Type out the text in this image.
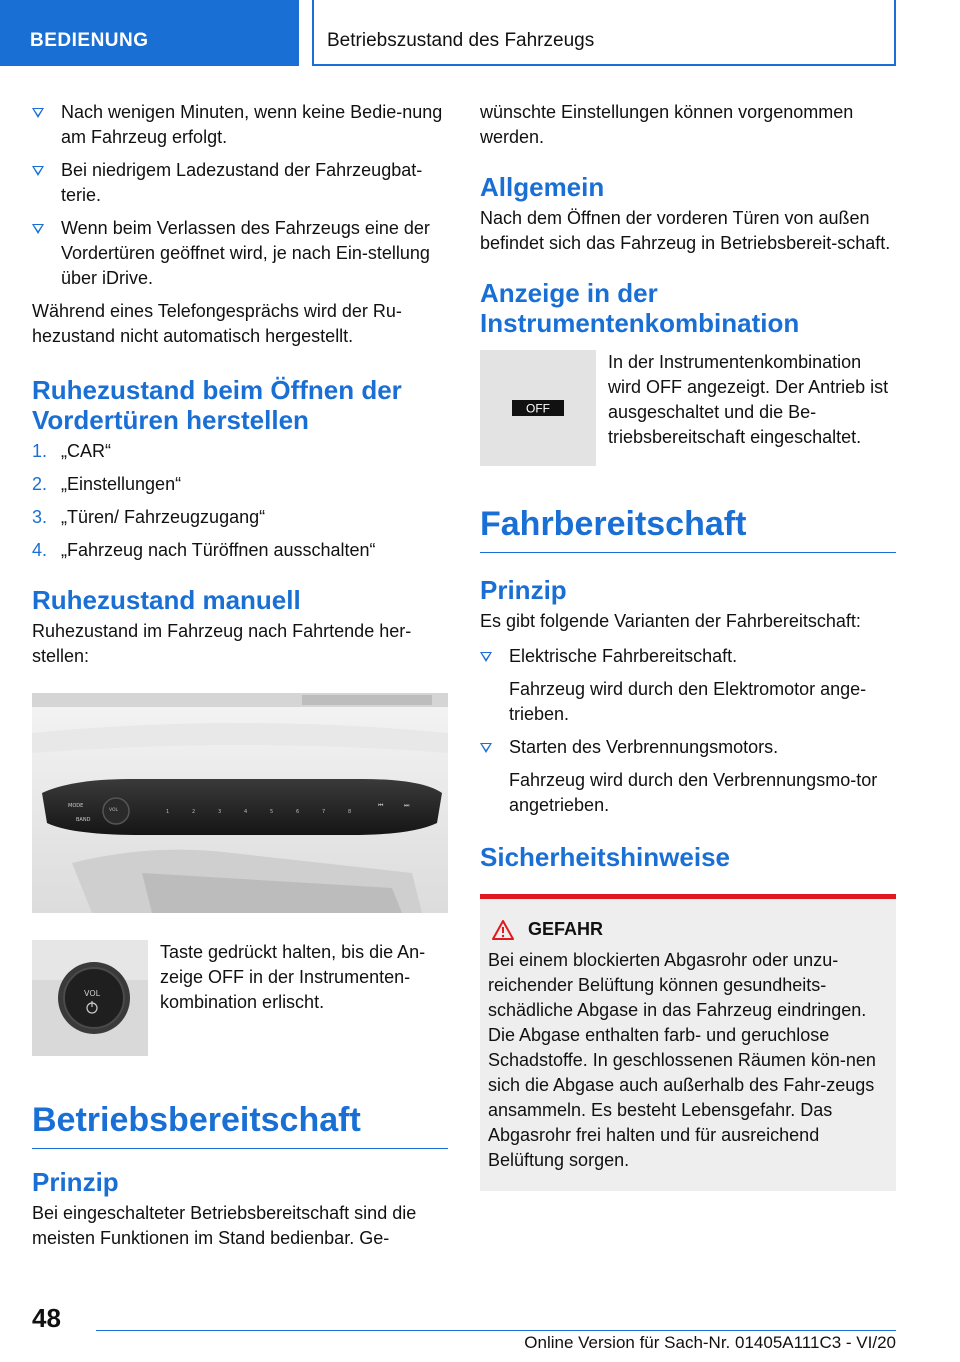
BEDIENUNG	Betriebszustand des Fahrzeugs
Nach wenigen Minuten, wenn keine Bedie-nung am Fahrzeug erfolgt.
Bei niedrigem Ladezustand der Fahrzeugbat-terie.
Wenn beim Verlassen des Fahrzeugs eine der Vordertüren geöffnet wird, je nach Ein-stellung über iDrive.

Während eines Telefongesprächs wird der Ru-hezustand nicht automatisch hergestellt.

Ruhezustand beim Öffnen der Vordertüren herstellen
1. „CAR“
2. „Einstellungen“
3. „Türen/ Fahrzeugzugang“
4. „Fahrzeug nach Türöffnen ausschalten“
Ruhezustand manuell

Ruhezustand im Fahrzeug nach Fahrtende her-stellen:

MODE
BAND
VOL	1	2	3	4	5	6	7	8
⏮	⏭
VOL
Taste gedrückt halten, bis die An-zeige OFF in der Instrumenten-kombination erlischt.
Betriebsbereitschaft
Prinzip

Bei eingeschalteter Betriebsbereitschaft sind die meisten Funktionen im Stand bedienbar. Ge-

wünschte Einstellungen können vorgenommen werden.

Allgemein

Nach dem Öffnen der vorderen Türen von außen befindet sich das Fahrzeug in Betriebsbereit-schaft.

Anzeige in der Instrumentenkombination
OFF
In der Instrumentenkombination wird OFF angezeigt. Der Antrieb ist ausgeschaltet und die Be-triebsbereitschaft eingeschaltet.
Fahrbereitschaft
Prinzip

Es gibt folgende Varianten der Fahrbereitschaft:

Elektrische Fahrbereitschaft.
Fahrzeug wird durch den Elektromotor ange-trieben.
Starten des Verbrennungsmotors.
Fahrzeug wird durch den Verbrennungsmo-tor angetrieben.
Sicherheitshinweise
GEFAHR

Bei einem blockierten Abgasrohr oder unzu-reichender Belüftung können gesundheits-schädliche Abgase in das Fahrzeug eindringen. Die Abgase enthalten farb- und geruchlose Schadstoffe. In geschlossenen Räumen kön-nen sich die Abgase auch außerhalb des Fahr-zeugs ansammeln. Es besteht Lebensgefahr. Das Abgasrohr frei halten und für ausreichend Belüftung sorgen.

48
Online Version für Sach-Nr. 01405A111C3 - VI/20
